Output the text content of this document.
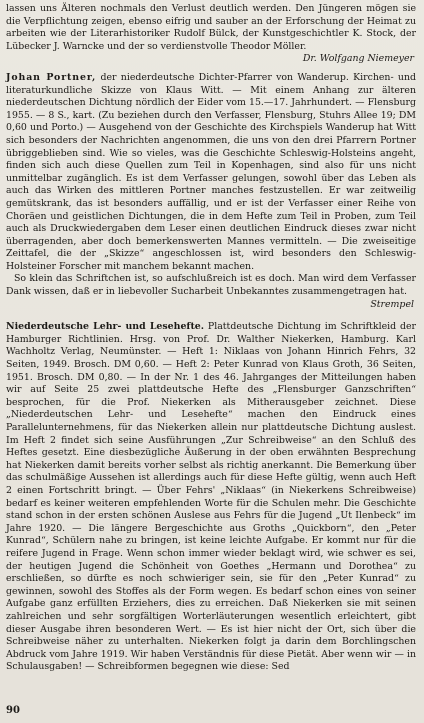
lassen uns Älteren nochmals den Verlust deutlich werden. Den Jüngeren mögen sie die Verpflichtung zeigen, ebenso eifrig und sauber an der Erforschung der Heimat zu arbeiten wie der Literarhistoriker Rudolf Bülck, der Kunstgeschichtler K. Stock, der Lübecker J. Warncke und der so verdienstvolle Theodor Möller.

Dr. Wolfgang Niemeyer

Johan Portner, der niederdeutsche Dichter-Pfarrer von Wanderup. Kirchen- und literaturkundliche Skizze von Klaus Witt. — Mit einem Anhang zur älteren niederdeutschen Dichtung nördlich der Eider vom 15.—17. Jahrhundert. — Flensburg 1955. — 8 S., kart. (Zu beziehen durch den Verfasser, Flensburg, Stuhrs Allee 19; DM 0,60 und Porto.) — Ausgehend von der Geschichte des Kirchspiels Wanderup hat Witt sich besonders der Nachrichten angenommen, die uns von den drei Pfarrern Portner übriggeblieben sind. Wie so vieles, was die Geschichte Schleswig-Holsteins angeht, finden sich auch diese Quellen zum Teil in Kopenhagen, sind also für uns nicht unmittelbar zugänglich. Es ist dem Verfasser gelungen, sowohl über das Leben als auch das Wirken des mittleren Portner manches festzustellen. Er war zeitweilig gemütskrank, das ist besonders auffällig, und er ist der Verfasser einer Reihe von Choräen und geistlichen Dichtungen, die in dem Hefte zum Teil in Proben, zum Teil auch als Druckwiedergaben dem Leser einen deutlichen Eindruck dieses zwar nicht überragenden, aber doch bemerkenswerten Mannes vermitteln. — Die zweiseitige Zeittafel, die der „Skizze“ angeschlossen ist, wird besonders den Schleswig-Holsteiner Forscher mit manchem bekannt machen.

So klein das Schriftchen ist, so aufschlußreich ist es doch. Man wird dem Verfasser Dank wissen, daß er in liebevoller Sucharbeit Unbekanntes zusammengetragen hat.

Strempel

Niederdeutsche Lehr- und Lesehefte. Plattdeutsche Dichtung im Schriftkleid der Hamburger Richtlinien. Hrsg. von Prof. Dr. Walther Niekerken, Hamburg. Karl Wachholtz Verlag, Neumünster. — Heft 1: Niklaas von Johann Hinrich Fehrs, 32 Seiten, 1949. Brosch. DM 0,60. — Heft 2: Peter Kunrad von Klaus Groth, 36 Seiten, 1951. Brosch. DM 0,80. — In der Nr. 1 des 46. Jahrganges der Mitteilungen haben wir auf Seite 25 zwei plattdeutsche Hefte des „Flensburger Ganzschriften“ besprochen, für die Prof. Niekerken als Mitherausgeber zeichnet. Diese „Niederdeutschen Lehr- und Lesehefte“ machen den Eindruck eines Parallelunternehmens, für das Niekerken allein nur plattdeutsche Dichtung auslest. Im Heft 2 findet sich seine Ausführungen „Zur Schreibweise“ an den Schluß des Heftes gesetzt. Eine diesbezügliche Äußerung in der oben erwähnten Besprechung hat Niekerken damit bereits vorher selbst als richtig anerkannt. Die Bemerkung über das schulmäßige Aussehen ist allerdings auch für diese Hefte gültig, wenn auch Heft 2 einen Fortschritt bringt. — Über Fehrs' „Niklaas“ (in Niekerkens Schreibweise) bedarf es keiner weiteren empfehlenden Worte für die Schulen mehr. Die Geschichte stand schon in der ersten schönen Auslese aus Fehrs für die Jugend „Ut Ilenbeck“ im Jahre 1920. — Die längere Bergeschichte aus Groths „Quickborn“, den „Peter Kunrad“, Schülern nahe zu bringen, ist keine leichte Aufgabe. Er kommt nur für die reifere Jugend in Frage. Wenn schon immer wieder beklagt wird, wie schwer es sei, der heutigen Jugend die Schönheit von Goethes „Hermann und Dorothea“ zu erschließen, so dürfte es noch schwieriger sein, sie für den „Peter Kunrad“ zu gewinnen, sowohl des Stoffes als der Form wegen. Es bedarf schon eines von seiner Aufgabe ganz erfüllten Erziehers, dies zu erreichen. Daß Niekerken sie mit seinen zahlreichen und sehr sorgfältigen Worterläuterungen wesentlich erleichtert, gibt dieser Ausgabe ihren besonderen Wert. — Es ist hier nicht der Ort, sich über die Schreibweise näher zu unterhalten. Niekerken folgt ja darin dem Borchlingschen Abdruck vom Jahre 1919. Wir haben Verständnis für diese Pietät. Aber wenn wir — in Schulausgaben! — Schreibformen begegnen wie diese: Sed

90
